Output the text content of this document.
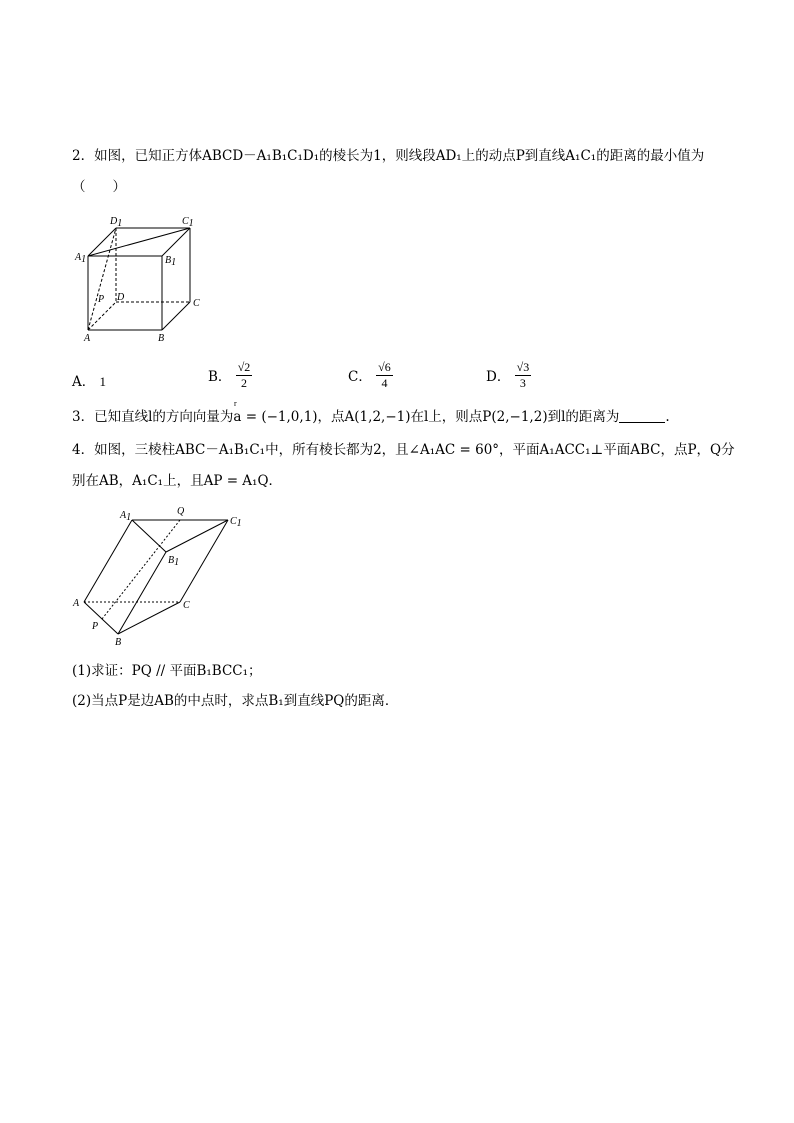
2．如图，已知正方体ABCD－A₁B₁C₁D₁的棱长为1，则线段AD₁上的动点P到直线A₁C₁的距离的最小值为
（　　）
D1	C1
A1	B1
P D
C
A	B
A． 1	B． $\frac{√2}{2}$	C． $\frac{√6}{4}$	D． $\frac{√3}{3}$
3．已知直线l的方向向量为a = (−1,0,1)，点A(1,2,−1)在l上，则点P(2,−1,2)到l的距离为	.
r
4．如图，三棱柱ABC－A₁B₁C₁中，所有棱长都为2，且∠A₁AC = 60°，平面A₁ACC₁⊥平面ABC，点P，Q分
别在AB，A₁C₁上，且AP = A₁Q．
A1
Q
C1
B1
A	C
P
B
(1)求证：PQ // 平面B₁BCC₁；
(2)当点P是边AB的中点时，求点B₁到直线PQ的距离．
